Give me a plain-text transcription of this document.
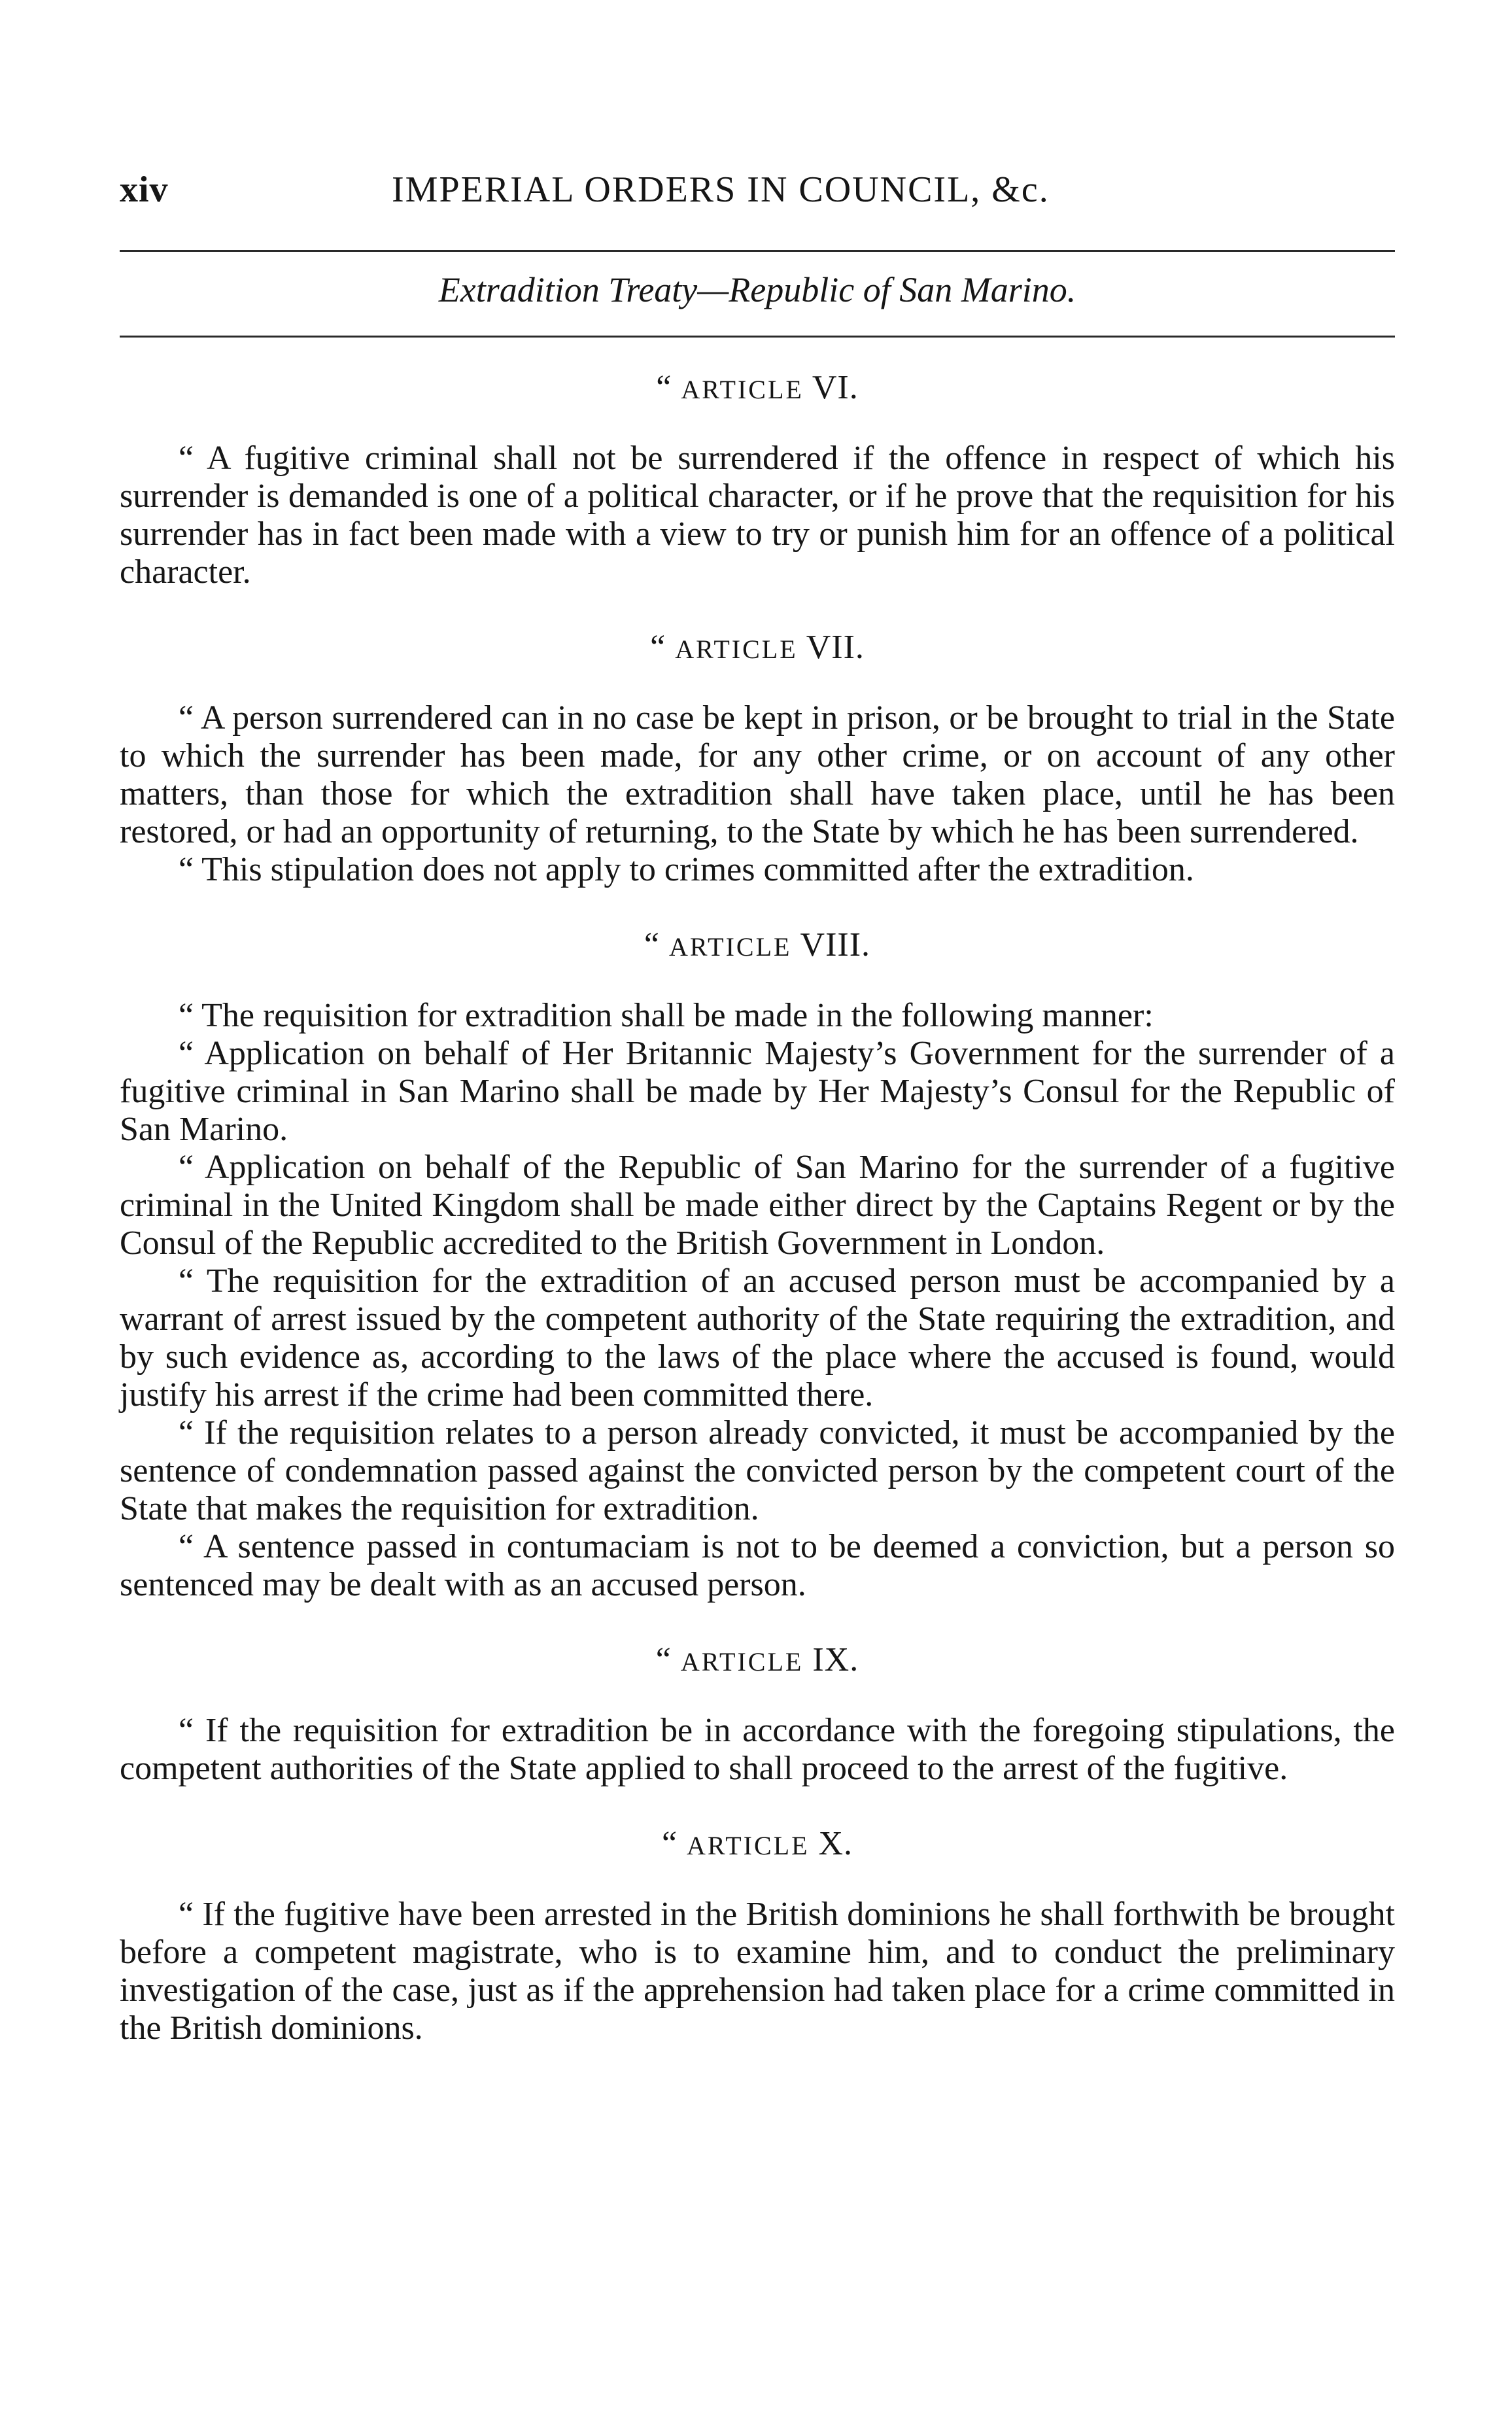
xiv	IMPERIAL ORDERS IN COUNCIL, &c.
Extradition Treaty—Republic of San Marino.
“ ARTICLE VI.

“ A fugitive criminal shall not be surrendered if the offence in respect of which his surrender is demanded is one of a political character, or if he prove that the requisition for his surrender has in fact been made with a view to try or punish him for an offence of a political character.

“ ARTICLE VII.

“ A person surrendered can in no case be kept in prison, or be brought to trial in the State to which the surrender has been made, for any other crime, or on account of any other matters, than those for which the extradition shall have taken place, until he has been restored, or had an opportunity of returning, to the State by which he has been surrendered.

“ This stipulation does not apply to crimes committed after the extradition.

“ ARTICLE VIII.

“ The requisition for extradition shall be made in the following manner:

“ Application on behalf of Her Britannic Majesty’s Government for the surrender of a fugitive criminal in San Marino shall be made by Her Majesty’s Consul for the Republic of San Marino.

“ Application on behalf of the Republic of San Marino for the surrender of a fugitive criminal in the United Kingdom shall be made either direct by the Captains Regent or by the Consul of the Republic accredited to the British Government in London.

“ The requisition for the extradition of an accused person must be accompanied by a warrant of arrest issued by the competent authority of the State requiring the extradition, and by such evidence as, according to the laws of the place where the accused is found, would justify his arrest if the crime had been committed there.

“ If the requisition relates to a person already convicted, it must be accompanied by the sentence of condemnation passed against the convicted person by the competent court of the State that makes the requisition for extradition.

“ A sentence passed in contumaciam is not to be deemed a conviction, but a person so sentenced may be dealt with as an accused person.

“ ARTICLE IX.

“ If the requisition for extradition be in accordance with the foregoing stipulations, the competent authorities of the State applied to shall proceed to the arrest of the fugitive.

“ ARTICLE X.

“ If the fugitive have been arrested in the British dominions he shall forthwith be brought before a competent magistrate, who is to examine him, and to conduct the preliminary investigation of the case, just as if the apprehension had taken place for a crime committed in the British dominions.
